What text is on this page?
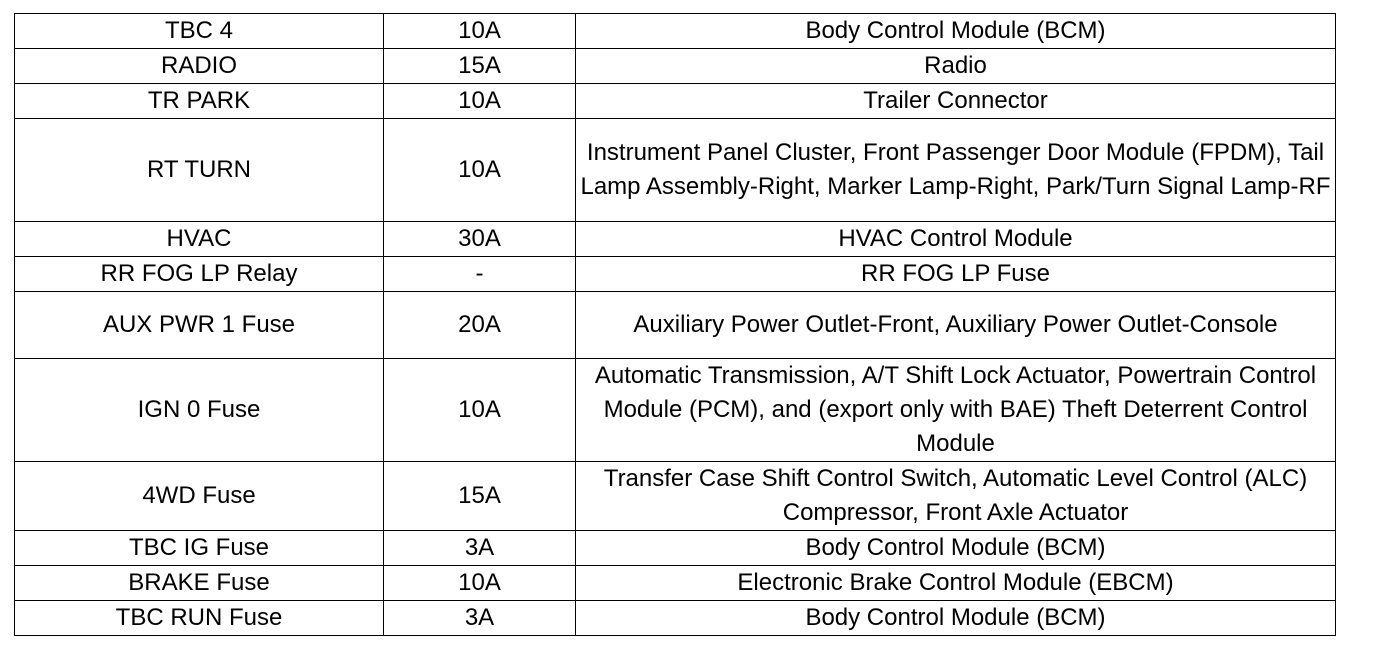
TBC 4	10A	Body Control Module (BCM)
RADIO	15A	Radio
TR PARK	10A	Trailer Connector
RT TURN	10A	Instrument Panel Cluster, Front Passenger Door Module (FPDM), Tail Lamp Assembly-Right, Marker Lamp-Right, Park/Turn Signal Lamp-RF
HVAC	30A	HVAC Control Module
RR FOG LP Relay	-	RR FOG LP Fuse
AUX PWR 1 Fuse	20A	Auxiliary Power Outlet-Front, Auxiliary Power Outlet-Console
IGN 0 Fuse	10A	Automatic Transmission, A/T Shift Lock Actuator, Powertrain Control Module (PCM), and (export only with BAE) Theft Deterrent Control Module
4WD Fuse	15A	Transfer Case Shift Control Switch, Automatic Level Control (ALC) Compressor, Front Axle Actuator
TBC IG Fuse	3A	Body Control Module (BCM)
BRAKE Fuse	10A	Electronic Brake Control Module (EBCM)
TBC RUN Fuse	3A	Body Control Module (BCM)
